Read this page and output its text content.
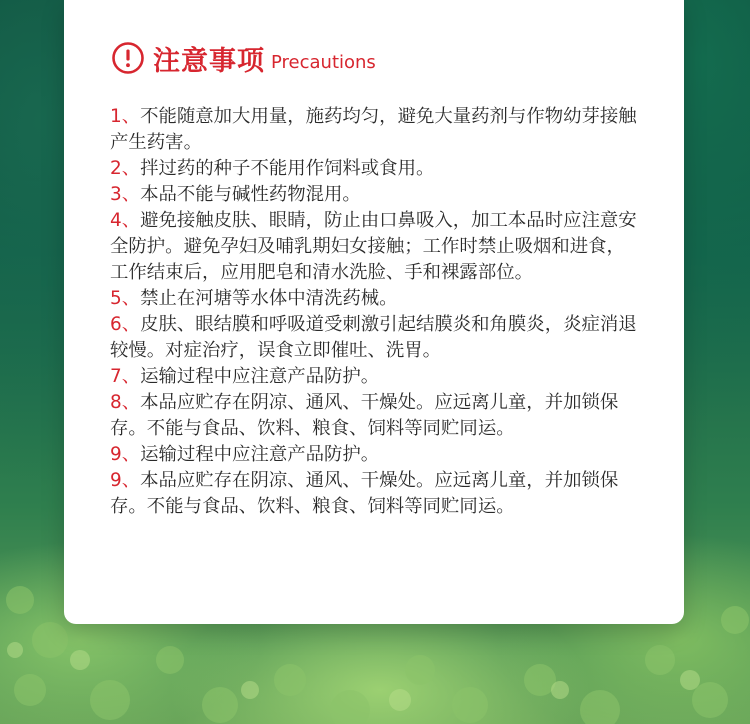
注意事项 Precautions
1、不能随意加大用量，施药均匀，避免大量药剂与作物幼芽接触产生药害。
2、拌过药的种子不能用作饲料或食用。
3、本品不能与碱性药物混用。
4、避免接触皮肤、眼睛，防止由口鼻吸入，加工本品时应注意安全防护。避免孕妇及哺乳期妇女接触；工作时禁止吸烟和进食，工作结束后，应用肥皂和清水洗脸、手和裸露部位。
5、禁止在河塘等水体中清洗药械。
6、皮肤、眼结膜和呼吸道受刺激引起结膜炎和角膜炎，炎症消退较慢。对症治疗，误食立即催吐、洗胃。
7、运输过程中应注意产品防护。
8、本品应贮存在阴凉、通风、干燥处。应远离儿童，并加锁保存。不能与食品、饮料、粮食、饲料等同贮同运。
9、运输过程中应注意产品防护。
9、本品应贮存在阴凉、通风、干燥处。应远离儿童，并加锁保存。不能与食品、饮料、粮食、饲料等同贮同运。
